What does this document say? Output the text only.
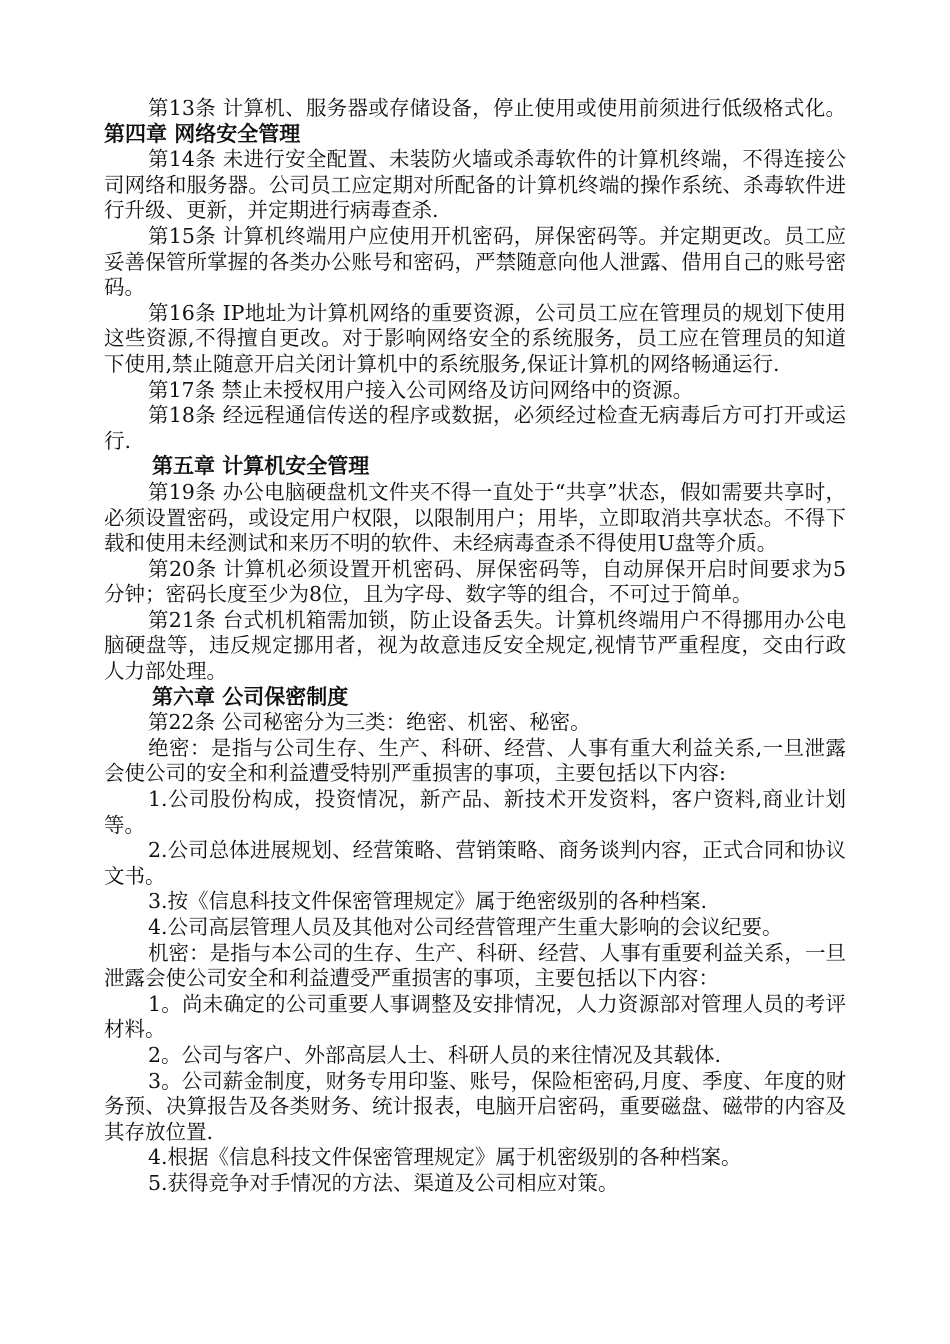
第13条 计算机、服务器或存储设备，停止使用或使用前须进行低级格式化。第四章 网络安全管理

第14条 未进行安全配置、未装防火墙或杀毒软件的计算机终端，不得连接公司网络和服务器。公司员工应定期对所配备的计算机终端的操作系统、杀毒软件进行升级、更新，并定期进行病毒查杀.

第15条 计算机终端用户应使用开机密码，屏保密码等。并定期更改。员工应妥善保管所掌握的各类办公账号和密码，严禁随意向他人泄露、借用自己的账号密码。

第16条 IP地址为计算机网络的重要资源，公司员工应在管理员的规划下使用这些资源,不得擅自更改。对于影响网络安全的系统服务，员工应在管理员的知道下使用,禁止随意开启关闭计算机中的系统服务,保证计算机的网络畅通运行.

第17条 禁止未授权用户接入公司网络及访问网络中的资源。

第18条 经远程通信传送的程序或数据，必须经过检查无病毒后方可打开或运行.

第五章 计算机安全管理

第19条 办公电脑硬盘机文件夹不得一直处于“共享”状态，假如需要共享时，必须设置密码，或设定用户权限，以限制用户；用毕，立即取消共享状态。不得下载和使用未经测试和来历不明的软件、未经病毒查杀不得使用U盘等介质。

第20条 计算机必须设置开机密码、屏保密码等，自动屏保开启时间要求为5分钟；密码长度至少为8位，且为字母、数字等的组合，不可过于简单。

第21条 台式机机箱需加锁，防止设备丢失。计算机终端用户不得挪用办公电脑硬盘等，违反规定挪用者，视为故意违反安全规定,视情节严重程度，交由行政人力部处理。

第六章 公司保密制度

第22条 公司秘密分为三类：绝密、机密、秘密。

绝密：是指与公司生存、生产、科研、经营、人事有重大利益关系,一旦泄露会使公司的安全和利益遭受特别严重损害的事项，主要包括以下内容:

1.公司股份构成，投资情况，新产品、新技术开发资料，客户资料,商业计划等。

2.公司总体进展规划、经营策略、营销策略、商务谈判内容，正式合同和协议文书。

3.按《信息科技文件保密管理规定》属于绝密级别的各种档案.

4.公司高层管理人员及其他对公司经营管理产生重大影响的会议纪要。

机密：是指与本公司的生存、生产、科研、经营、人事有重要利益关系，一旦泄露会使公司安全和利益遭受严重损害的事项，主要包括以下内容：

1。尚未确定的公司重要人事调整及安排情况，人力资源部对管理人员的考评材料。

2。公司与客户、外部高层人士、科研人员的来往情况及其载体.

3。公司薪金制度，财务专用印鉴、账号，保险柜密码,月度、季度、年度的财务预、决算报告及各类财务、统计报表，电脑开启密码，重要磁盘、磁带的内容及其存放位置.

4.根据《信息科技文件保密管理规定》属于机密级别的各种档案。

5.获得竞争对手情况的方法、渠道及公司相应对策。
